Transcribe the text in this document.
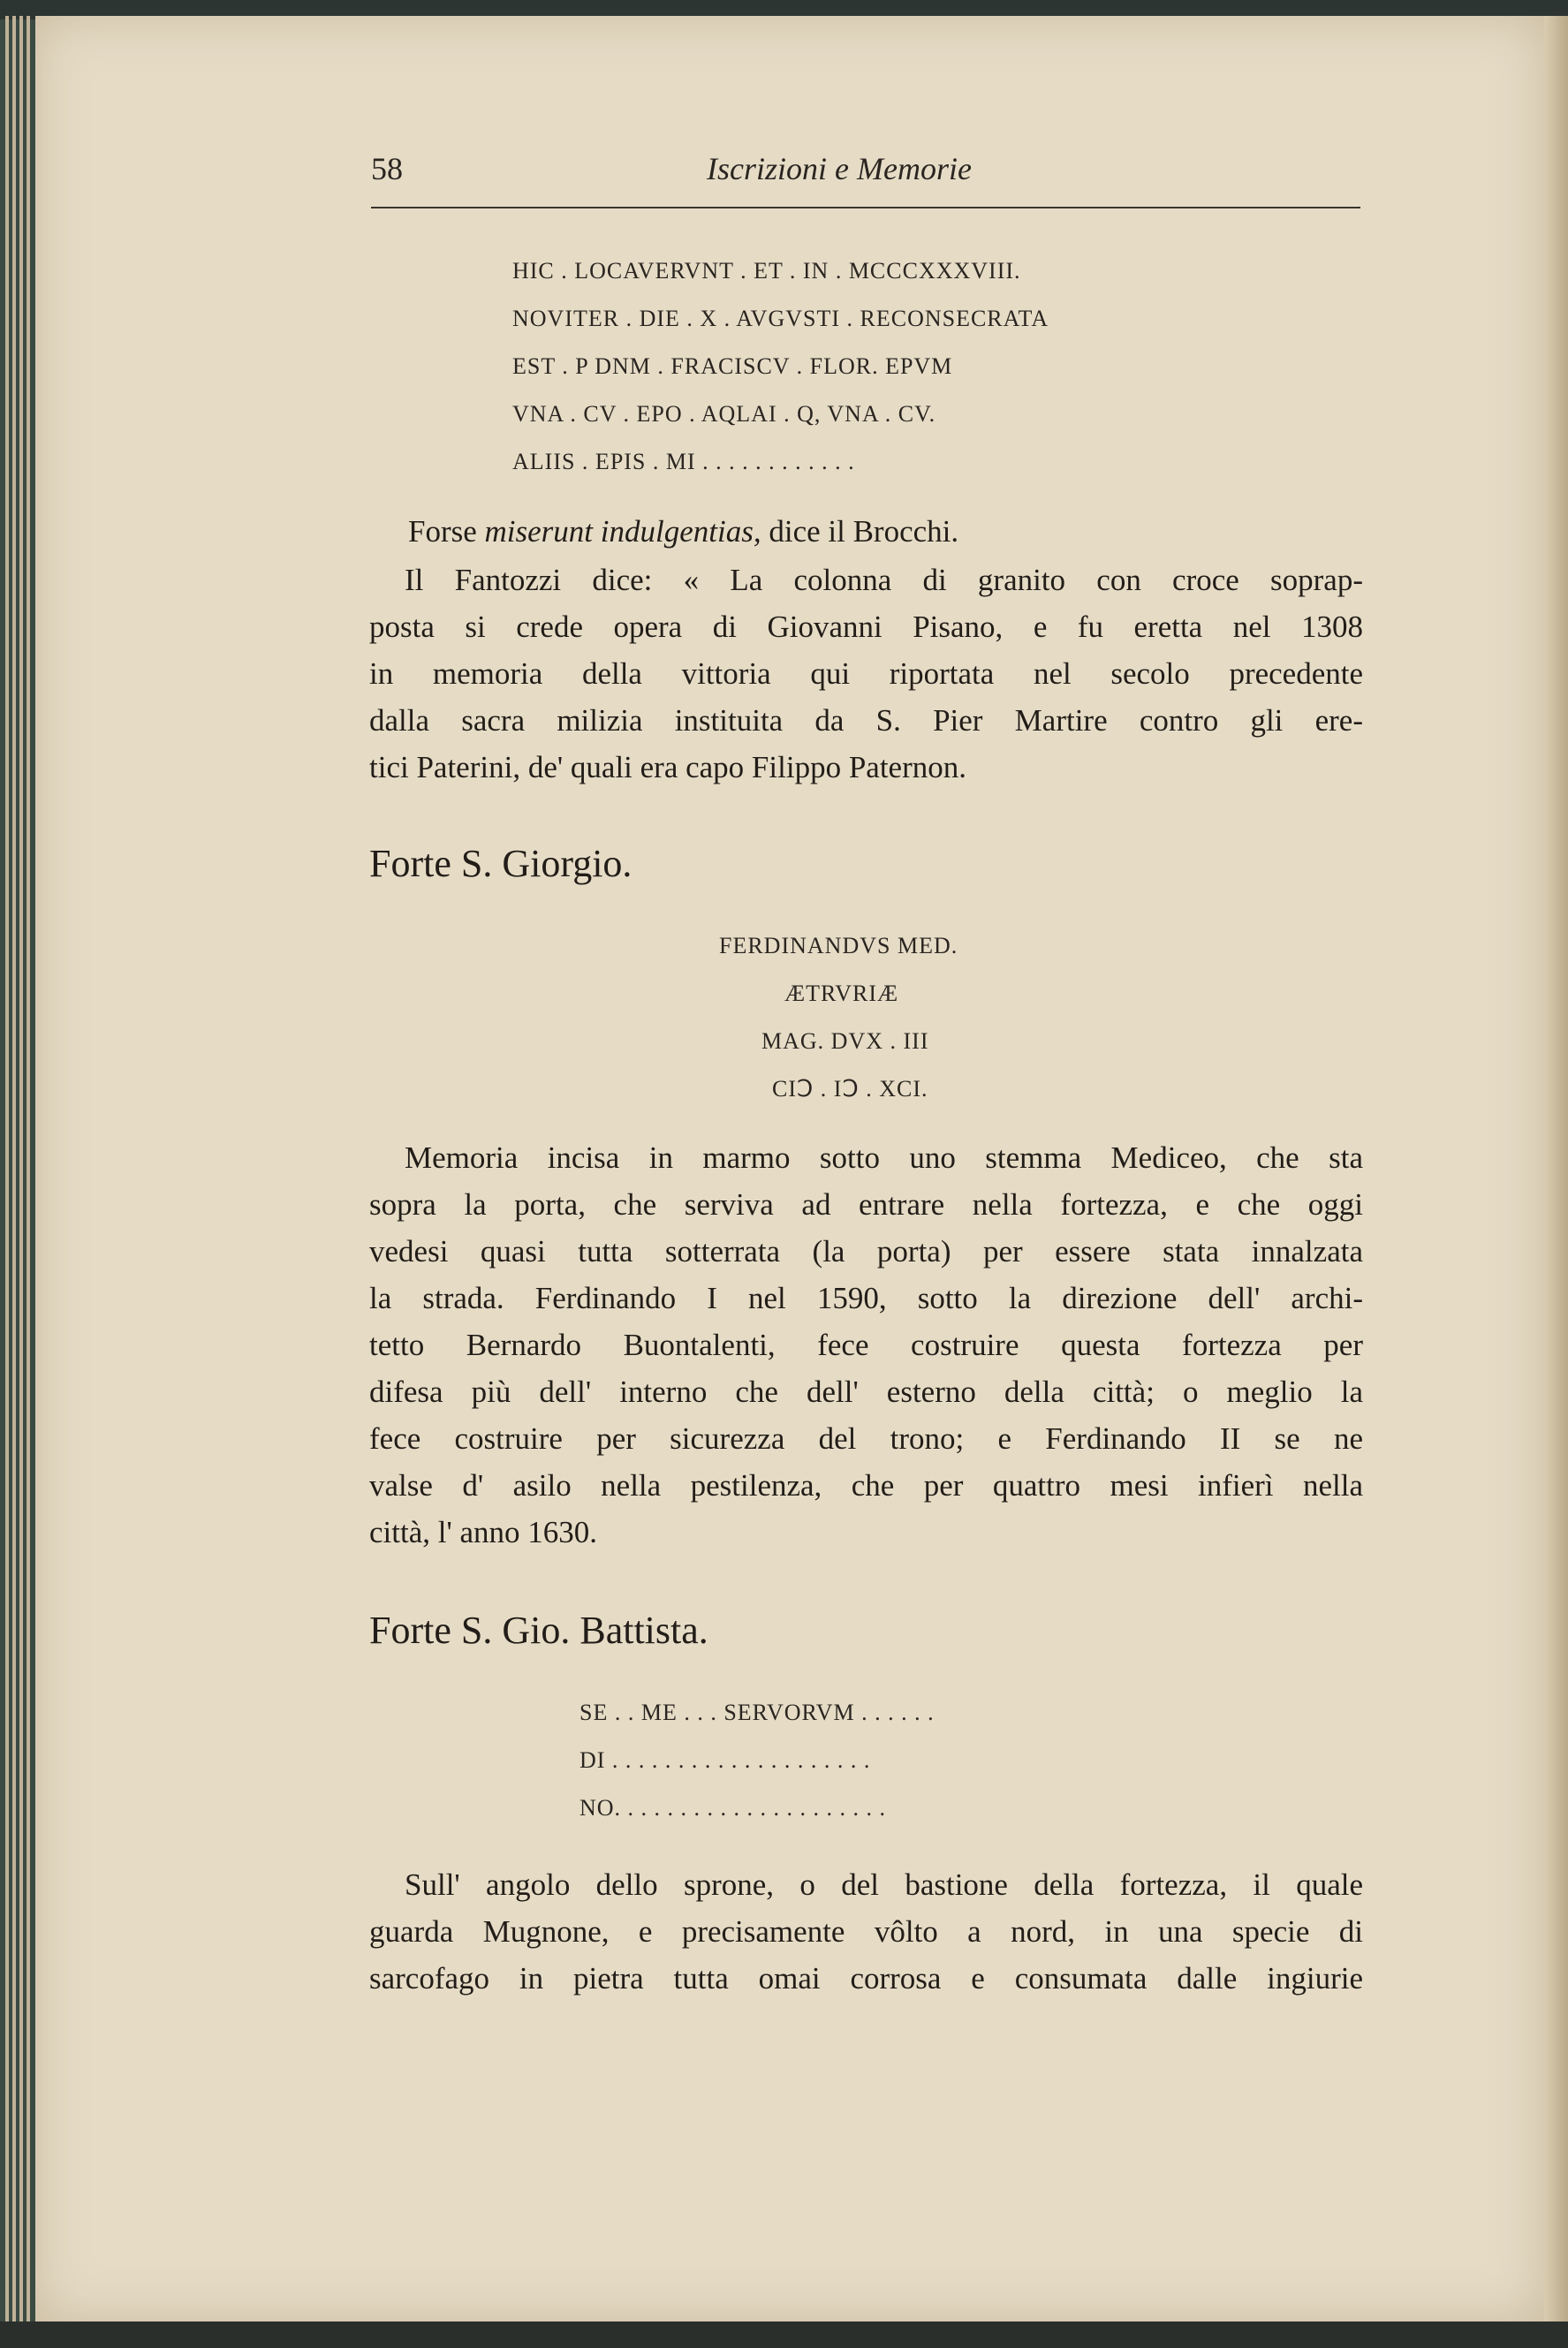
58	Iscrizioni e Memorie
HIC . LOCAVERVNT . ET . IN . MCCCXXXVIII.
NOVITER . DIE . X . AVGVSTI . RECONSECRATA
EST . P DNM . FRACISCV . FLOR. EPVM
VNA . CV . EPO . AQLAI . Q, VNA . CV.
ALIIS . EPIS . MI . . . . . . . . . . . .
Forse miserunt indulgentias, dice il Brocchi.
Il Fantozzi dice: « La colonna di granito con croce soprap-
posta si crede opera di Giovanni Pisano, e fu eretta nel 1308
in memoria della vittoria qui riportata nel secolo precedente
dalla sacra milizia instituita da S. Pier Martire contro gli ere-
tici Paterini, de' quali era capo Filippo Paternon.
Forte S. Giorgio.
FERDINANDVS MED.
ÆTRVRIÆ
MAG. DVX . III
CIↃ . IↃ . XCI.
Memoria incisa in marmo sotto uno stemma Mediceo, che sta
sopra la porta, che serviva ad entrare nella fortezza, e che oggi
vedesi quasi tutta sotterrata (la porta) per essere stata innalzata
la strada. Ferdinando I nel 1590, sotto la direzione dell' archi-
tetto Bernardo Buontalenti, fece costruire questa fortezza per
difesa più dell' interno che dell' esterno della città; o meglio la
fece costruire per sicurezza del trono; e Ferdinando II se ne
valse d' asilo nella pestilenza, che per quattro mesi infierì nella
città, l' anno 1630.
Forte S. Gio. Battista.
SE . . ME . . . SERVORVM . . . . . .
DI . . . . . . . . . . . . . . . . . . . .
NO. . . . . . . . . . . . . . . . . . . . .
Sull' angolo dello sprone, o del bastione della fortezza, il quale
guarda Mugnone, e precisamente vôlto a nord, in una specie di
sarcofago in pietra tutta omai corrosa e consumata dalle ingiurie
